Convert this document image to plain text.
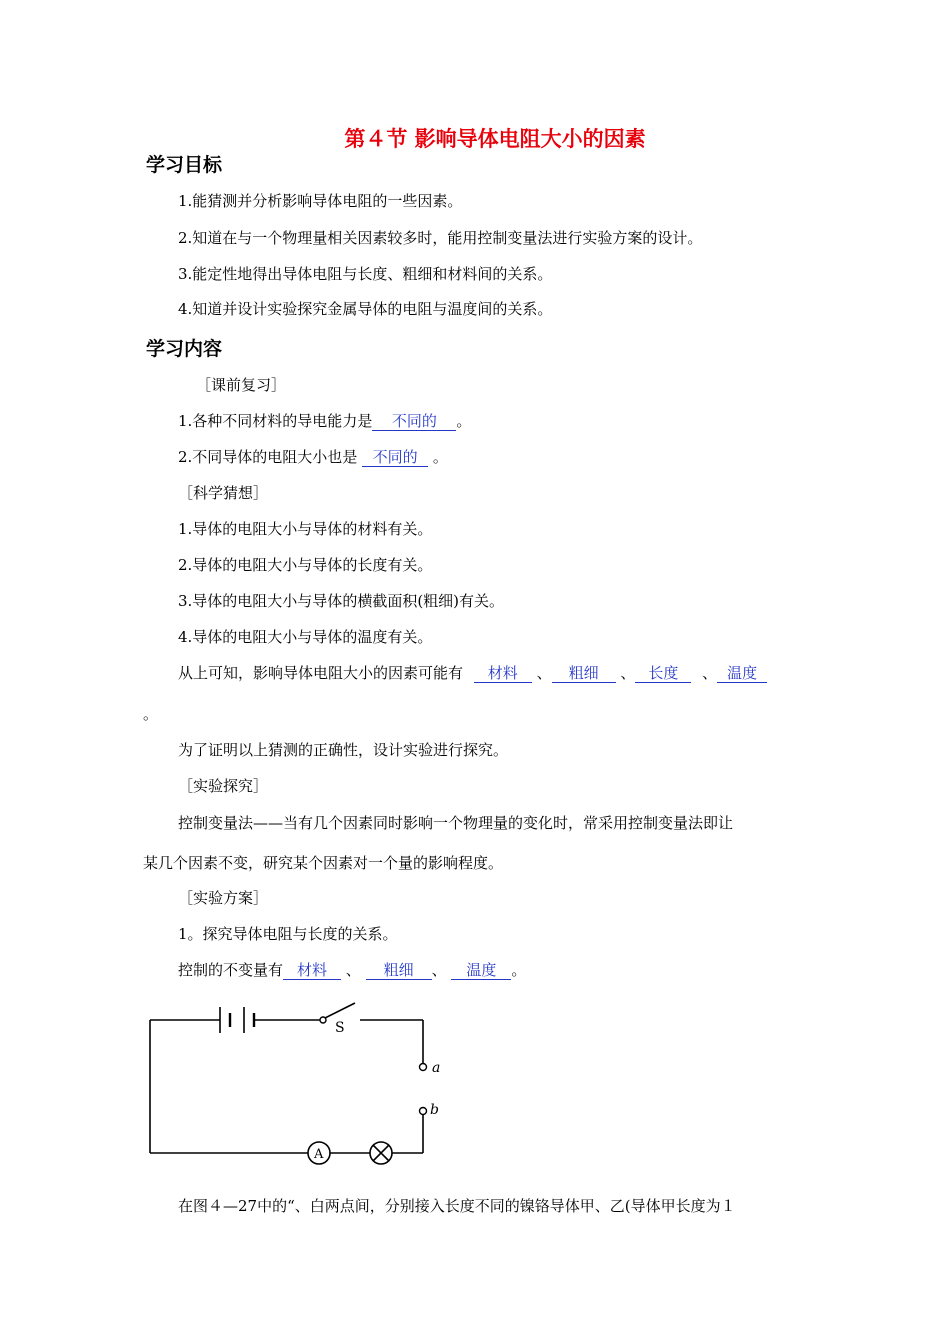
第４节 影响导体电阻大小的因素
学习目标
1.能猜测并分析影响导体电阻的一些因素。
2.知道在与一个物理量相关因素较多时，能用控制变量法进行实验方案的设计。
3.能定性地得出导体电阻与长度、粗细和材料间的关系。
4.知道并设计实验探究金属导体的电阻与温度间的关系。
学习内容
［课前复习］
1.各种不同材料的导电能力是 不同的 。
2.不同导体的电阻大小也是 不同的 。
［科学猜想］
1.导体的电阻大小与导体的材料有关。
2.导体的电阻大小与导体的长度有关。
3.导体的电阻大小与导体的横截面积(粗细)有关。
4.导体的电阻大小与导体的温度有关。
从上可知，影响导体电阻大小的因素可能有 材料 、 粗细 、 长度 、 温度
。
为了证明以上猜测的正确性，设计实验进行探究。
［实验探究］
控制变量法——当有几个因素同时影响一个物理量的变化时，常采用控制变量法即让
某几个因素不变，研究某个因素对一个量的影响程度。
［实验方案］
1。探究导体电阻与长度的关系。
控制的不变量有 材料 、 粗细 、 温度 。
S
a
b
A
在图４—27中的“、白两点间，分别接入长度不同的镍铬导体甲、乙(导体甲长度为１
